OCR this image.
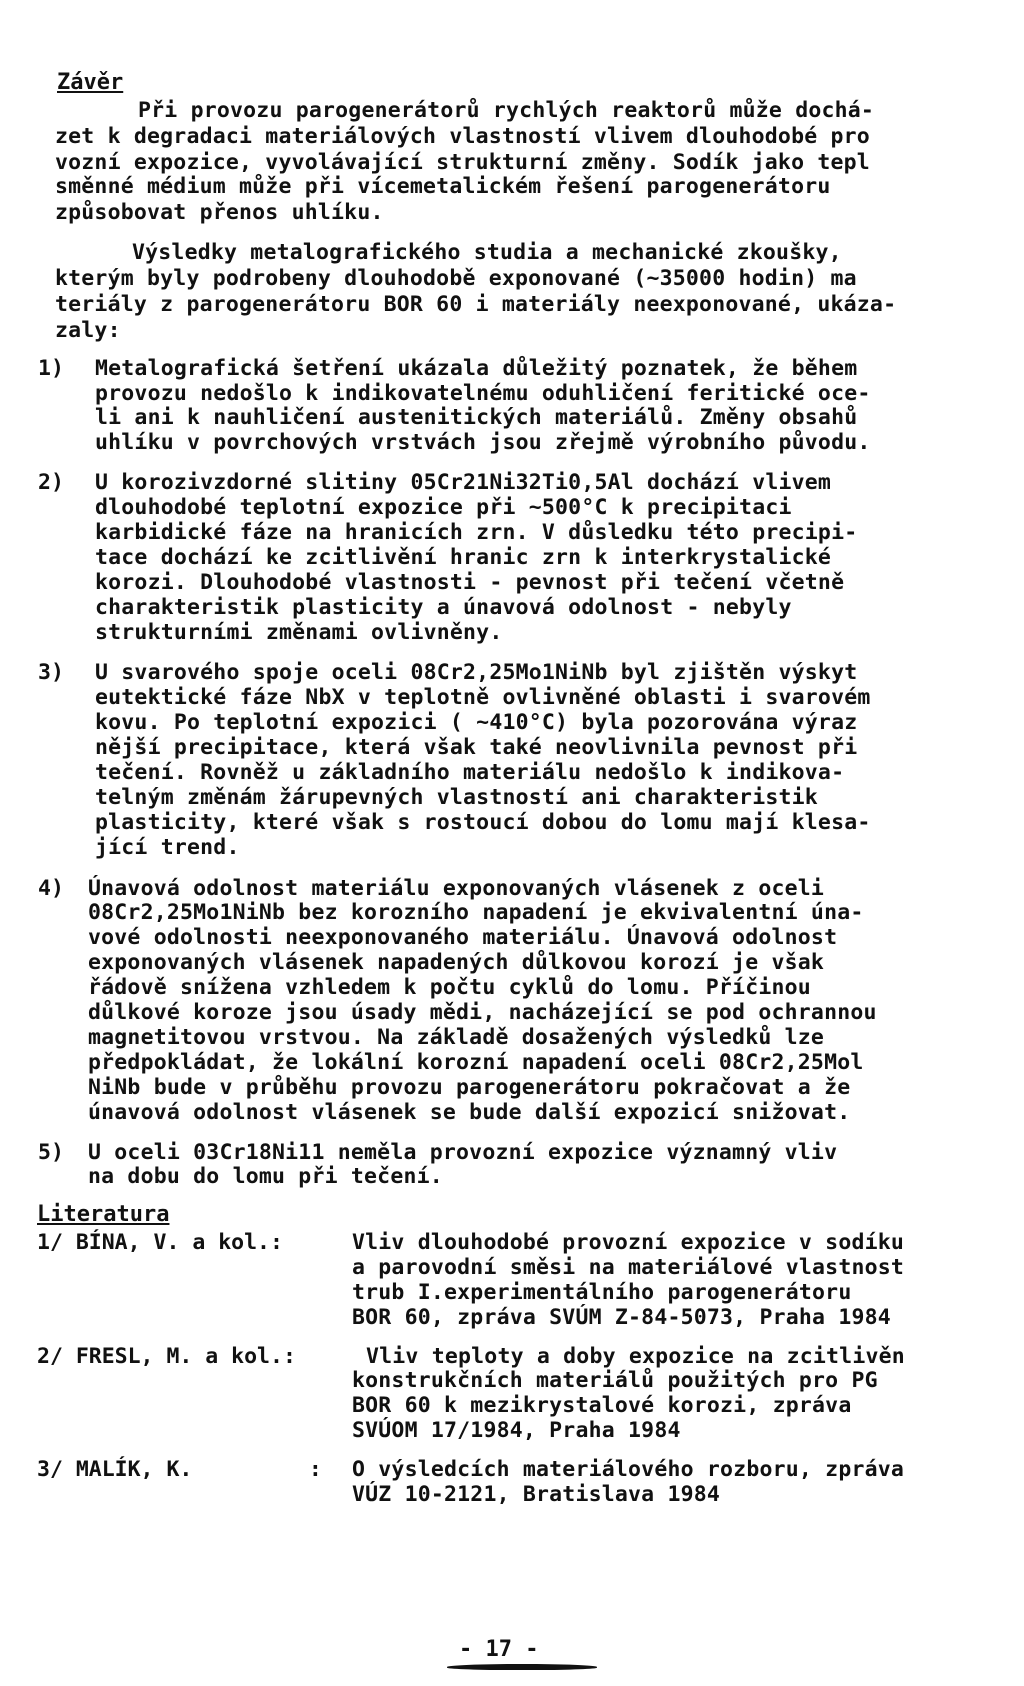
Závěr
Při provozu parogenerátorů rychlých reaktorů může dochá-
zet k degradaci materiálových vlastností vlivem dlouhodobé pro
vozní expozice, vyvolávající strukturní změny. Sodík jako tepl
směnné médium může při vícemetalickém řešení parogenerátoru
způsobovat přenos uhlíku.
Výsledky metalografického studia a mechanické zkoušky,
kterým byly podrobeny dlouhodobě exponované (~35000 hodin) ma
teriály z parogenerátoru BOR 60 i materiály neexponované, ukáza-
zaly:
1) Metalografická šetření ukázala důležitý poznatek, že během
provozu nedošlo k indikovatelnému oduhličení feritické oce-
li ani k nauhličení austenitických materiálů. Změny obsahů
uhlíku v povrchových vrstvách jsou zřejmě výrobního původu.
2) U korozivzdorné slitiny 05Cr21Ni32Ti0,5Al dochází vlivem
dlouhodobé teplotní expozice při ~500°C k precipitaci
karbidické fáze na hranicích zrn. V důsledku této precipi-
tace dochází ke zcitlivění hranic zrn k interkrystalické
korozi. Dlouhodobé vlastnosti - pevnost při tečení včetně
charakteristik plasticity a únavová odolnost - nebyly
strukturními změnami ovlivněny.
3) U svarového spoje oceli 08Cr2,25Mo1NiNb byl zjištěn výskyt
eutektické fáze NbX v teplotně ovlivněné oblasti i svarovém
kovu. Po teplotní expozici ( ~410°C) byla pozorována výraz
nější precipitace, která však také neovlivnila pevnost při
tečení. Rovněž u základního materiálu nedošlo k indikova-
telným změnám žárupevných vlastností ani charakteristik
plasticity, které však s rostoucí dobou do lomu mají klesa-
jící trend.
4) Únavová odolnost materiálu exponovaných vlásenek z oceli
08Cr2,25Mo1NiNb bez korozního napadení je ekvivalentní úna-
vové odolnosti neexponovaného materiálu. Únavová odolnost
exponovaných vlásenek napadených důlkovou korozí je však
řádově snížena vzhledem k počtu cyklů do lomu. Příčinou
důlkové koroze jsou úsady mědi, nacházející se pod ochrannou
magnetitovou vrstvou. Na základě dosažených výsledků lze
předpokládat, že lokální korozní napadení oceli 08Cr2,25Mol
NiNb bude v průběhu provozu parogenerátoru pokračovat a že
únavová odolnost vlásenek se bude další expozicí snižovat.
5) U oceli 03Cr18Ni11 neměla provozní expozice významný vliv
na dobu do lomu při tečení.
Literatura
1/ BÍNA, V. a kol.:	Vliv dlouhodobé provozní expozice v sodíku
a parovodní směsi na materiálové vlastnost
trub I.experimentálního parogenerátoru
BOR 60, zpráva SVÚM Z-84-5073, Praha 1984
2/ FRESL, M. a kol.:	Vliv teploty a doby expozice na zcitlivěn
konstrukčních materiálů použitých pro PG
BOR 60 k mezikrystalové korozi, zpráva
SVÚOM 17/1984, Praha 1984
3/ MALÍK, K.         : O výsledcích materiálového rozboru, zpráva
VÚZ 10-2121, Bratislava 1984
- 17 -
